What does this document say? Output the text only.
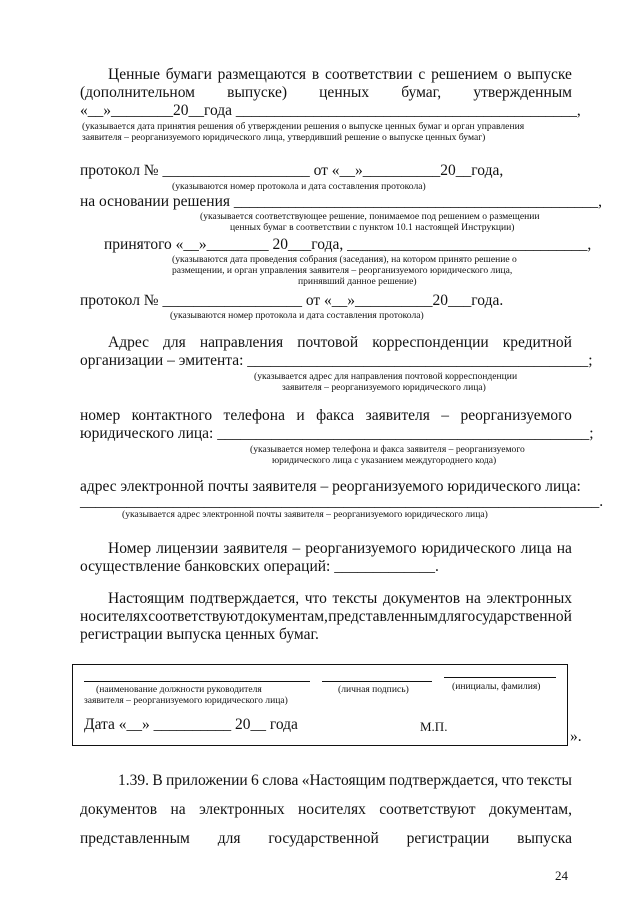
Ценные бумаги размещаются в соответствии с решением о выпуске
(дополнительном выпуске) ценных бумаг, утвержденным
«__»________20__года ____________________________________________,
(указывается дата принятия решения об утверждении решения о выпуске ценных бумаг и орган управления
заявителя – реорганизуемого юридического лица, утвердивший решение о выпуске ценных бумаг)
протокол № ___________________ от «__»__________20__года,
(указываются номер протокола и дата составления протокола)
на основании решения _______________________________________________,
(указывается соответствующее решение, понимаемое под решением о размещении
ценных бумаг в соответствии с пунктом 10.1 настоящей Инструкции)
принятого «__»________ 20___года, _______________________________,
(указываются дата проведения собрания (заседания), на котором принято решение о
размещении, и орган управления заявителя – реорганизуемого юридического лица,
принявший данное решение)
протокол № __________________ от «__»__________20___года.
(указываются номер протокола и дата составления протокола)
Адрес для направления почтовой корреспонденции кредитной
организации – эмитента: ____________________________________________;
(указывается адрес для направления почтовой корреспонденции
заявителя – реорганизуемого юридического лица)
номер контактного телефона и факса заявителя – реорганизуемого
юридического лица: ________________________________________________;
(указывается номер телефона и факса заявителя – реорганизуемого
юридического лица с указанием междугороднего кода)
адрес электронной почты заявителя – реорганизуемого юридического лица:
___________________________________________________________________.
(указывается адрес электронной почты заявителя – реорганизуемого юридического лица)
Номер лицензии заявителя – реорганизуемого юридического лица на
осуществление банковских операций: _____________.
Настоящим подтверждается, что тексты документов на электронных
носителях соответствуют документам, представленным для государственной
регистрации выпуска ценных бумаг.
(наименование должности руководителя
заявителя – реорганизуемого юридического лица)
(личная подпись)	(инициалы, фамилия)
Дата «__» __________ 20__ года	М.П.
».
1.39. В приложении 6 слова «Настоящим подтверждается, что тексты
документов на электронных носителях соответствуют документам,
представленным для государственной регистрации выпуска
24
